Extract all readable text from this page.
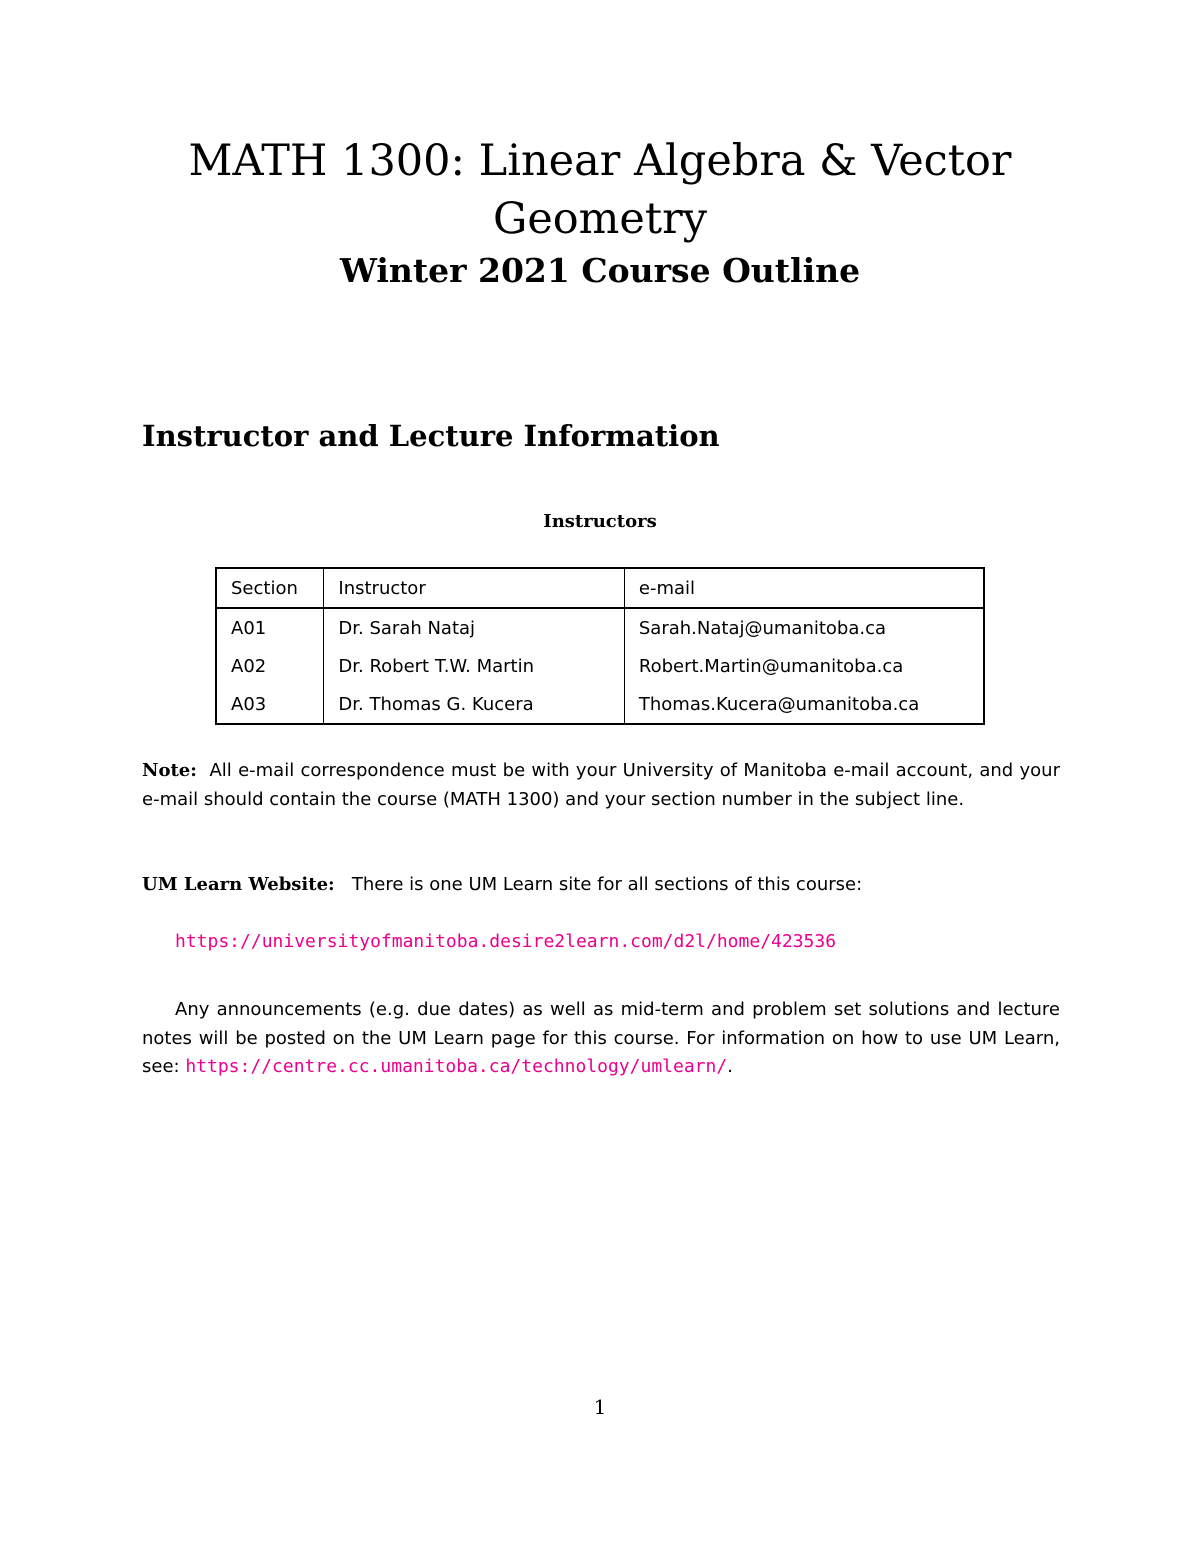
MATH 1300: Linear Algebra & Vector
Geometry
Winter 2021 Course Outline
Instructor and Lecture Information
Instructors
Section	Instructor	e-mail
A01	Dr. Sarah Nataj	Sarah.Nataj@umanitoba.ca
A02	Dr. Robert T.W. Martin	Robert.Martin@umanitoba.ca
A03	Dr. Thomas G. Kucera	Thomas.Kucera@umanitoba.ca

Note: All e-mail correspondence must be with your University of Manitoba e-mail account, and your e-mail should contain the course (MATH 1300) and your section number in the subject line.

UM Learn Website: There is one UM Learn site for all sections of this course:

https://universityofmanitoba.desire2learn.com/d2l/home/423536

Any announcements (e.g. due dates) as well as mid-term and problem set solutions and lecture notes will be posted on the UM Learn page for this course. For information on how to use UM Learn, see: https://centre.cc.umanitoba.ca/technology/umlearn/.

1
